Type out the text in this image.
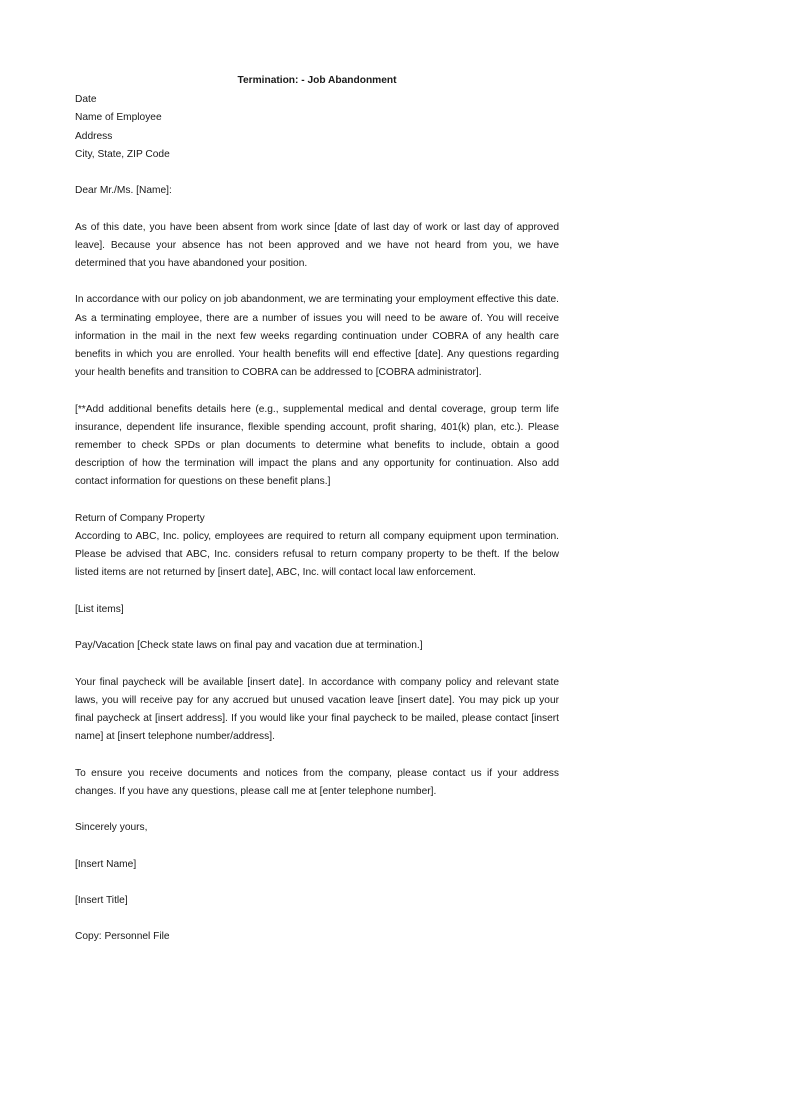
Termination: - Job Abandonment
Date
Name of Employee
Address
City, State, ZIP Code

Dear Mr./Ms. [Name]:

As of this date, you have been absent from work since [date of last day of work or last day of approved leave]. Because your absence has not been approved and we have not heard from you, we have determined that you have abandoned your position.

In accordance with our policy on job abandonment, we are terminating your employment effective this date. As a terminating employee, there are a number of issues you will need to be aware of. You will receive information in the mail in the next few weeks regarding continuation under COBRA of any health care benefits in which you are enrolled. Your health benefits will end effective [date]. Any questions regarding your health benefits and transition to COBRA can be addressed to [COBRA administrator].

[**Add additional benefits details here (e.g., supplemental medical and dental coverage, group term life insurance, dependent life insurance, flexible spending account, profit sharing, 401(k) plan, etc.). Please remember to check SPDs or plan documents to determine what benefits to include, obtain a good description of how the termination will impact the plans and any opportunity for continuation. Also add contact information for questions on these benefit plans.]

Return of Company Property

According to ABC, Inc. policy, employees are required to return all company equipment upon termination. Please be advised that ABC, Inc. considers refusal to return company property to be theft. If the below listed items are not returned by [insert date], ABC, Inc. will contact local law enforcement.

[List items]

Pay/Vacation [Check state laws on final pay and vacation due at termination.]

Your final paycheck will be available [insert date]. In accordance with company policy and relevant state laws, you will receive pay for any accrued but unused vacation leave [insert date]. You may pick up your final paycheck at [insert address]. If you would like your final paycheck to be mailed, please contact [insert name] at [insert telephone number/address].

To ensure you receive documents and notices from the company, please contact us if your address changes. If you have any questions, please call me at [enter telephone number].

Sincerely yours,

[Insert Name]

[Insert Title]

Copy: Personnel File
